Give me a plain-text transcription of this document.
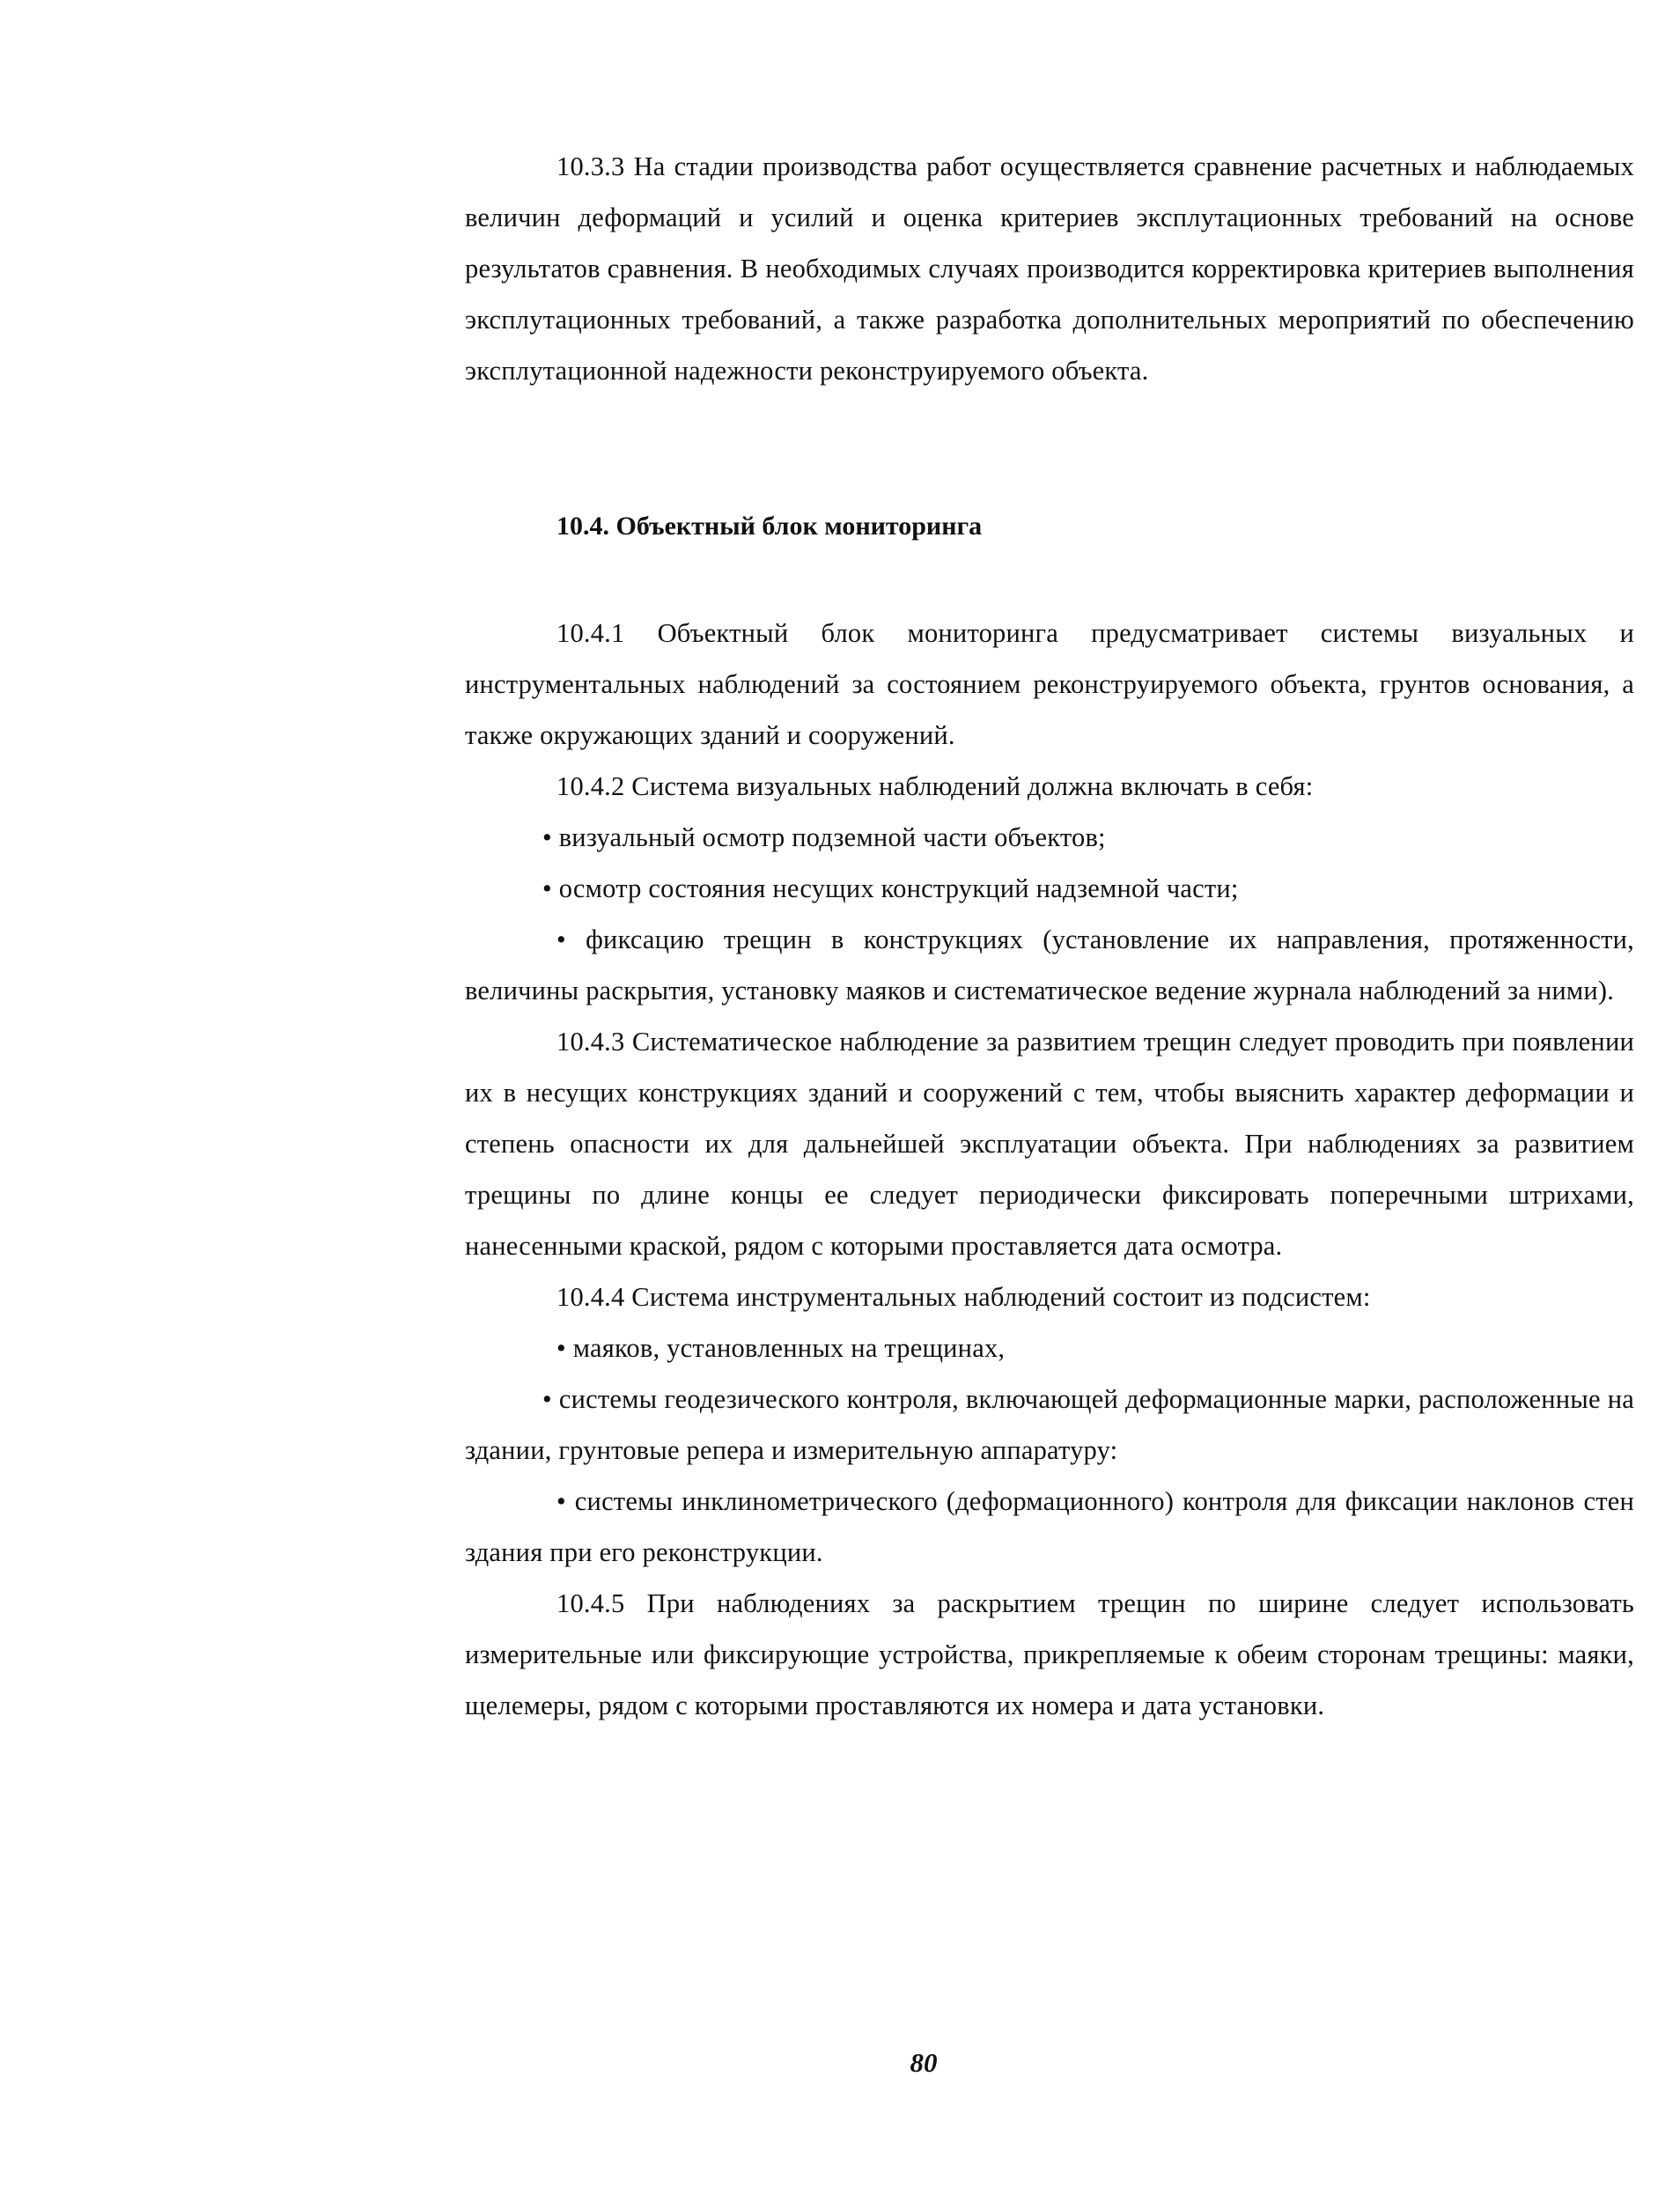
10.3.3 На стадии производства работ осуществляется сравнение расчетных и наблюдаемых величин деформаций и усилий и оценка критериев эксплутационных требований на основе результатов сравнения. В необходимых случаях производится корректировка критериев выполнения эксплутационных требований, а также разработка дополнительных мероприятий по обеспечению эксплутационной надежности реконструируемого объекта.

10.4. Объектный блок мониторинга

10.4.1 Объектный блок мониторинга предусматривает системы визуальных и инструментальных наблюдений за состоянием реконструируемого объекта, грунтов основания, а также окружающих зданий и сооружений.

10.4.2 Система визуальных наблюдений должна включать в себя:

• визуальный осмотр подземной части объектов;

• осмотр состояния несущих конструкций надземной части;

• фиксацию трещин в конструкциях (установление их направления, протяженности, величины раскрытия, установку маяков и систематическое ведение журнала наблюдений за ними).

10.4.3 Систематическое наблюдение за развитием трещин следует проводить при появлении их в несущих конструкциях зданий и сооружений с тем, чтобы выяснить характер деформации и степень опасности их для дальнейшей эксплуатации объекта. При наблюдениях за развитием трещины по длине концы ее следует периодически фиксировать поперечными штрихами, нанесенными краской, рядом с которыми проставляется дата осмотра.

10.4.4 Система инструментальных наблюдений состоит из подсистем:

• маяков, установленных на трещинах,

• системы геодезического контроля, включающей деформационные марки, расположенные на здании, грунтовые репера и измерительную аппаратуру:

• системы инклинометрического (деформационного) контроля для фиксации наклонов стен здания при его реконструкции.

10.4.5 При наблюдениях за раскрытием трещин по ширине следует использовать измерительные или фиксирующие устройства, прикрепляемые к обеим сторонам трещины: маяки, щелемеры, рядом с которыми проставляются их номера и дата установки.

80
